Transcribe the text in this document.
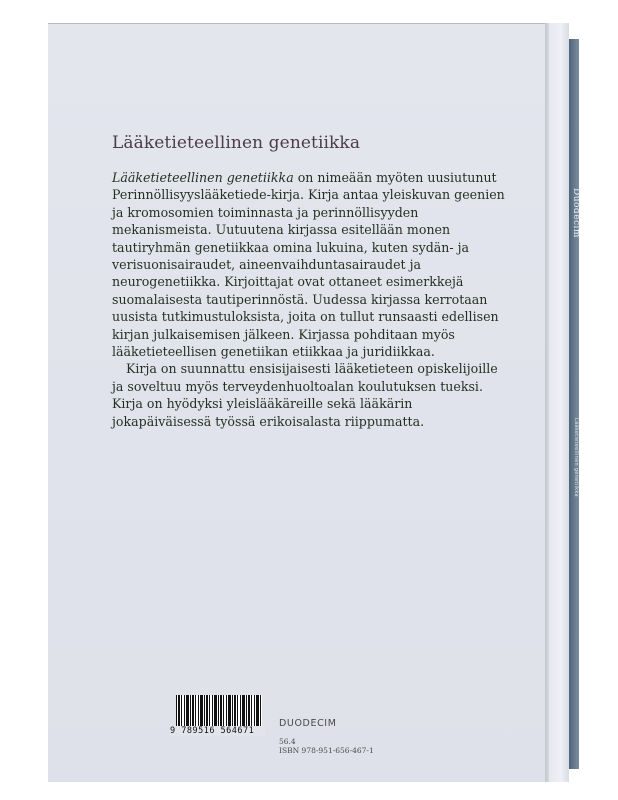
Duodecim
Lääketieteellinen genetiikka
Lääketieteellinen genetiikka

Lääketieteellinen genetiikka on nimeään myöten uusiutunut Perinnöllisyyslääketiede-kirja. Kirja antaa yleiskuvan geenien ja kromosomien toiminnasta ja perinnöllisyyden mekanismeista. Uutuutena kirjassa esitellään monen tautiryhmän genetiikkaa omina lukuina, kuten sydän- ja verisuonisairaudet, aineenvaihduntasairaudet ja neurogenetiikka. Kirjoittajat ovat ottaneet esimerkkejä suomalaisesta tautiperinnöstä. Uudessa kirjassa kerrotaan uusista tutkimustuloksista, joita on tullut runsaasti edellisen kirjan julkaisemisen jälkeen. Kirjassa pohditaan myös lääketieteellisen genetiikan etiikkaa ja juridiikkaa.

Kirja on suunnattu ensisijaisesti lääketieteen opiskelijoille ja soveltuu myös terveydenhuoltoalan koulutuksen tueksi. Kirja on hyödyksi yleislääkäreille sekä lääkärin jokapäiväisessä työssä erikoisalasta riippumatta.

9 789516 564671
DUODECIM
56.4
ISBN 978-951-656-467-1
